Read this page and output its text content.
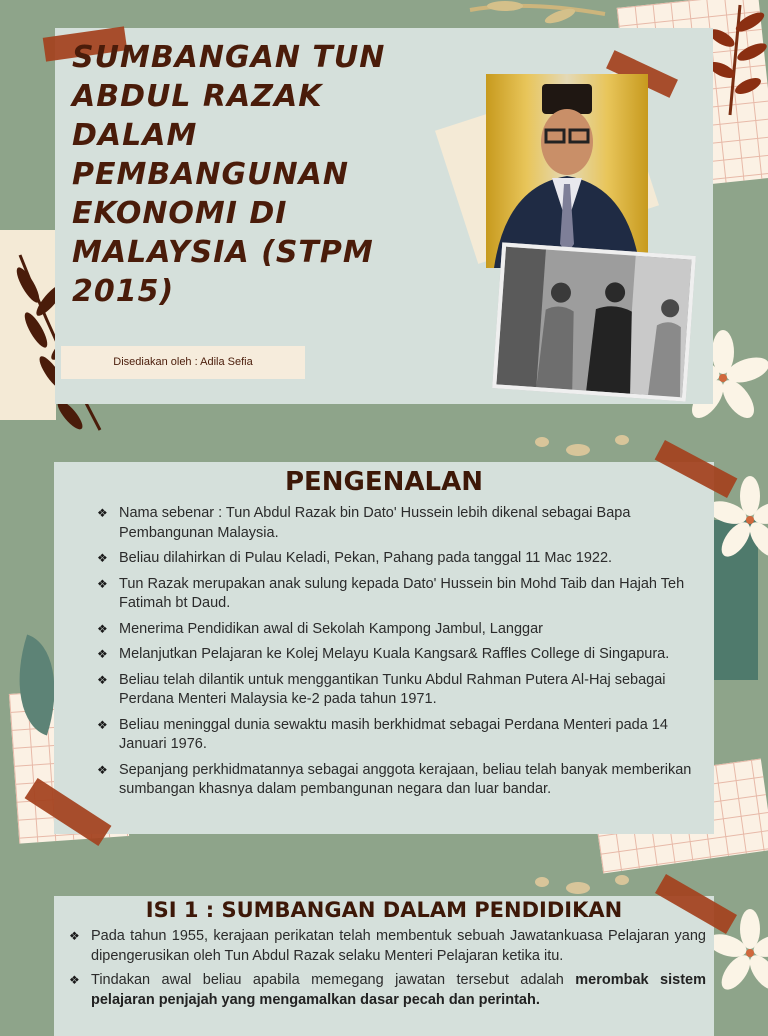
SUMBANGAN TUN ABDUL RAZAK DALAM PEMBANGUNAN EKONOMI DI MALAYSIA (STPM 2015)
Disediakan oleh : Adila Sefia
PENGENALAN
❖ Nama sebenar : Tun Abdul Razak bin Dato' Hussein lebih dikenal sebagai Bapa Pembangunan Malaysia.
❖ Beliau dilahirkan di Pulau Keladi, Pekan, Pahang pada tanggal 11 Mac 1922.
❖ Tun Razak merupakan anak sulung kepada Dato' Hussein bin Mohd Taib dan Hajah Teh Fatimah bt Daud.
❖ Menerima Pendidikan awal di Sekolah Kampong Jambul, Langgar
❖ Melanjutkan Pelajaran ke Kolej Melayu Kuala Kangsar& Raffles College di Singapura.
❖ Beliau telah dilantik untuk menggantikan Tunku Abdul Rahman Putera Al-Haj sebagai Perdana Menteri Malaysia ke-2 pada tahun 1971.
❖ Beliau meninggal dunia sewaktu masih berkhidmat sebagai Perdana Menteri pada 14 Januari 1976.
❖ Sepanjang perkhidmatannya sebagai anggota kerajaan, beliau telah banyak memberikan sumbangan khasnya dalam pembangunan negara dan luar bandar.
ISI 1 : SUMBANGAN DALAM PENDIDIKAN
❖ Pada tahun 1955, kerajaan perikatan telah membentuk sebuah Jawatankuasa Pelajaran yang dipengerusikan oleh Tun Abdul Razak selaku Menteri Pelajaran ketika itu.
❖ Tindakan awal beliau apabila memegang jawatan tersebut adalah merombak sistem pelajaran penjajah yang mengamalkan dasar pecah dan perintah.
